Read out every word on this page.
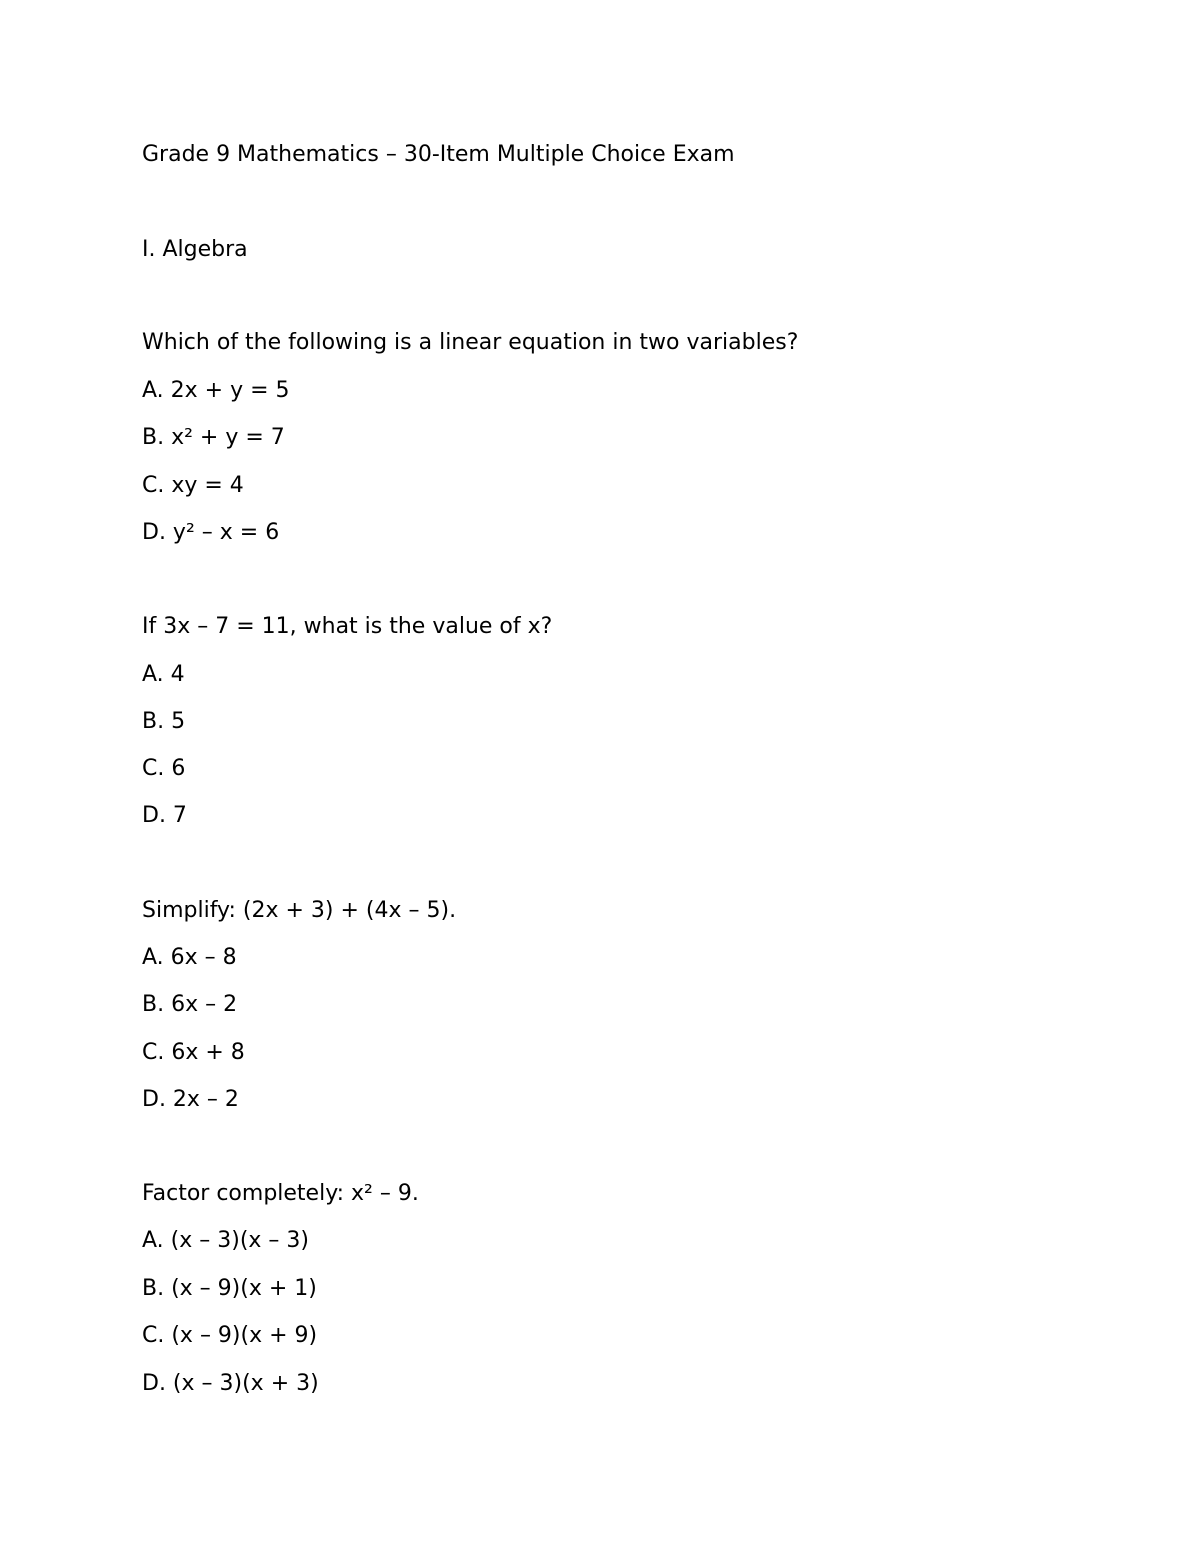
Grade 9 Mathematics – 30-Item Multiple Choice Exam
I. Algebra
Which of the following is a linear equation in two variables?
A. 2x + y = 5
B. x² + y = 7
C. xy = 4
D. y² – x = 6
If 3x – 7 = 11, what is the value of x?
A. 4
B. 5
C. 6
D. 7
Simplify: (2x + 3) + (4x – 5).
A. 6x – 8
B. 6x – 2
C. 6x + 8
D. 2x – 2
Factor completely: x² – 9.
A. (x – 3)(x – 3)
B. (x – 9)(x + 1)
C. (x – 9)(x + 9)
D. (x – 3)(x + 3)
